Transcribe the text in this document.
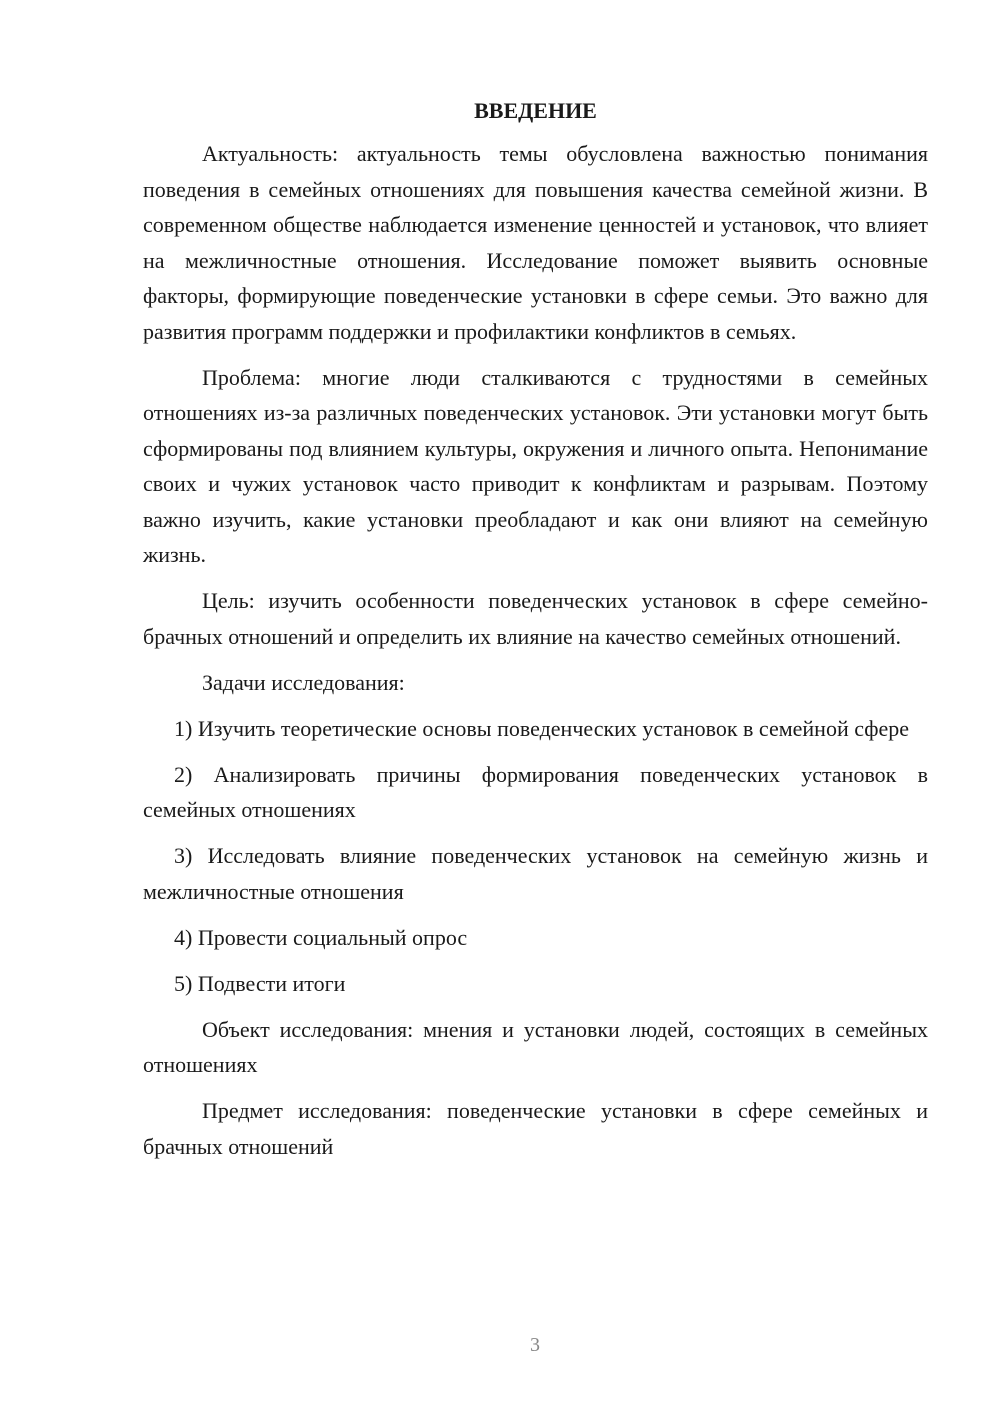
ВВЕДЕНИЕ

Актуальность: актуальность темы обусловлена важностью понимания поведения в семейных отношениях для повышения качества семейной жизни. В современном обществе наблюдается изменение ценностей и установок, что влияет на межличностные отношения. Исследование поможет выявить основные факторы, формирующие поведенческие установки в сфере семьи. Это важно для развития программ поддержки и профилактики конфликтов в семьях.

Проблема: многие люди сталкиваются с трудностями в семейных отношениях из-за различных поведенческих установок. Эти установки могут быть сформированы под влиянием культуры, окружения и личного опыта. Непонимание своих и чужих установок часто приводит к конфликтам и разрывам. Поэтому важно изучить, какие установки преобладают и как они влияют на семейную жизнь.

Цель: изучить особенности поведенческих установок в сфере семейно-брачных отношений и определить их влияние на качество семейных отношений.

Задачи исследования:

1) Изучить теоретические основы поведенческих установок в семейной сфере

2) Анализировать причины формирования поведенческих установок в семейных отношениях

3) Исследовать влияние поведенческих установок на семейную жизнь и межличностные отношения

4) Провести социальный опрос

5) Подвести итоги

Объект исследования: мнения и установки людей, состоящих в семейных отношениях

Предмет исследования: поведенческие установки в сфере семейных и брачных отношений

3
